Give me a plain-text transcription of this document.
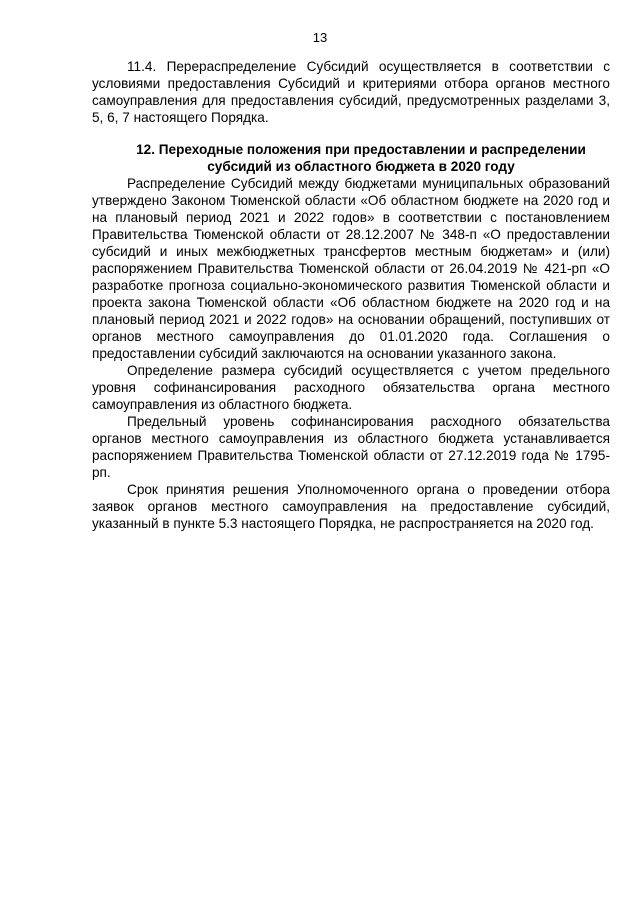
13

11.4. Перераспределение Субсидий осуществляется в соответствии с условиями предоставления Субсидий и критериями отбора органов местного самоуправления для предоставления субсидий, предусмотренных разделами 3, 5, 6, 7 настоящего Порядка.

12. Переходные положения при предоставлении и распределении
субсидий из областного бюджета в 2020 году

Распределение Субсидий между бюджетами муниципальных образований утверждено Законом Тюменской области «Об областном бюджете на 2020 год и на плановый период 2021 и 2022 годов» в соответствии с постановлением Правительства Тюменской области от 28.12.2007 № 348-п «О предоставлении субсидий и иных межбюджетных трансфертов местным бюджетам» и (или) распоряжением Правительства Тюменской области от 26.04.2019 № 421-рп «О разработке прогноза социально-экономического развития Тюменской области и проекта закона Тюменской области «Об областном бюджете на 2020 год и на плановый период 2021 и 2022 годов» на основании обращений, поступивших от органов местного самоуправления до 01.01.2020 года. Соглашения о предоставлении субсидий заключаются на основании указанного закона.

Определение размера субсидий осуществляется с учетом предельного уровня софинансирования расходного обязательства органа местного самоуправления из областного бюджета.

Предельный уровень софинансирования расходного обязательства органов местного самоуправления из областного бюджета устанавливается распоряжением Правительства Тюменской области от 27.12.2019 года № 1795-рп.

Срок принятия решения Уполномоченного органа о проведении отбора заявок органов местного самоуправления на предоставление субсидий, указанный в пункте 5.3 настоящего Порядка, не распространяется на 2020 год.
